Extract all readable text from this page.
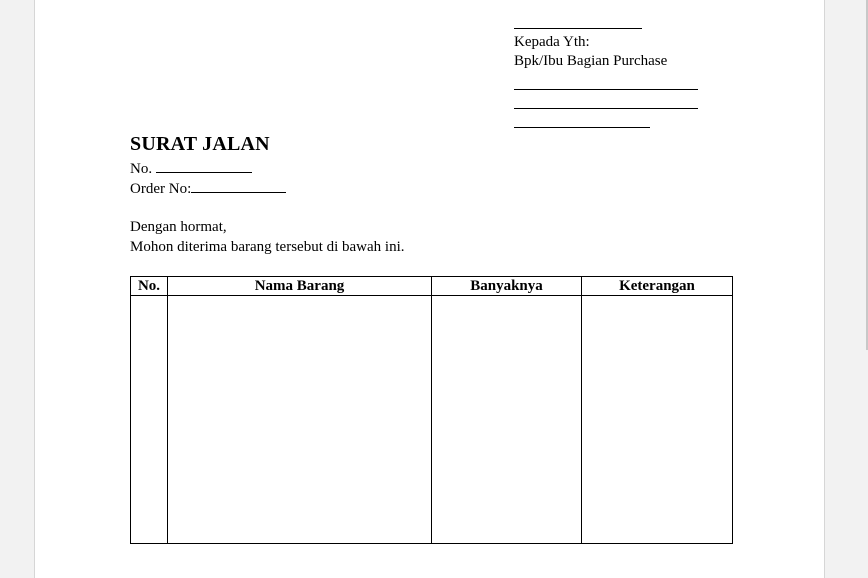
Kepada Yth:
Bpk/Ibu Bagian Purchase
SURAT JALAN
No.
Order No:
Dengan hormat,
Mohon diterima barang tersebut di bawah ini.
No.	Nama Barang	Banyaknya	Keterangan
